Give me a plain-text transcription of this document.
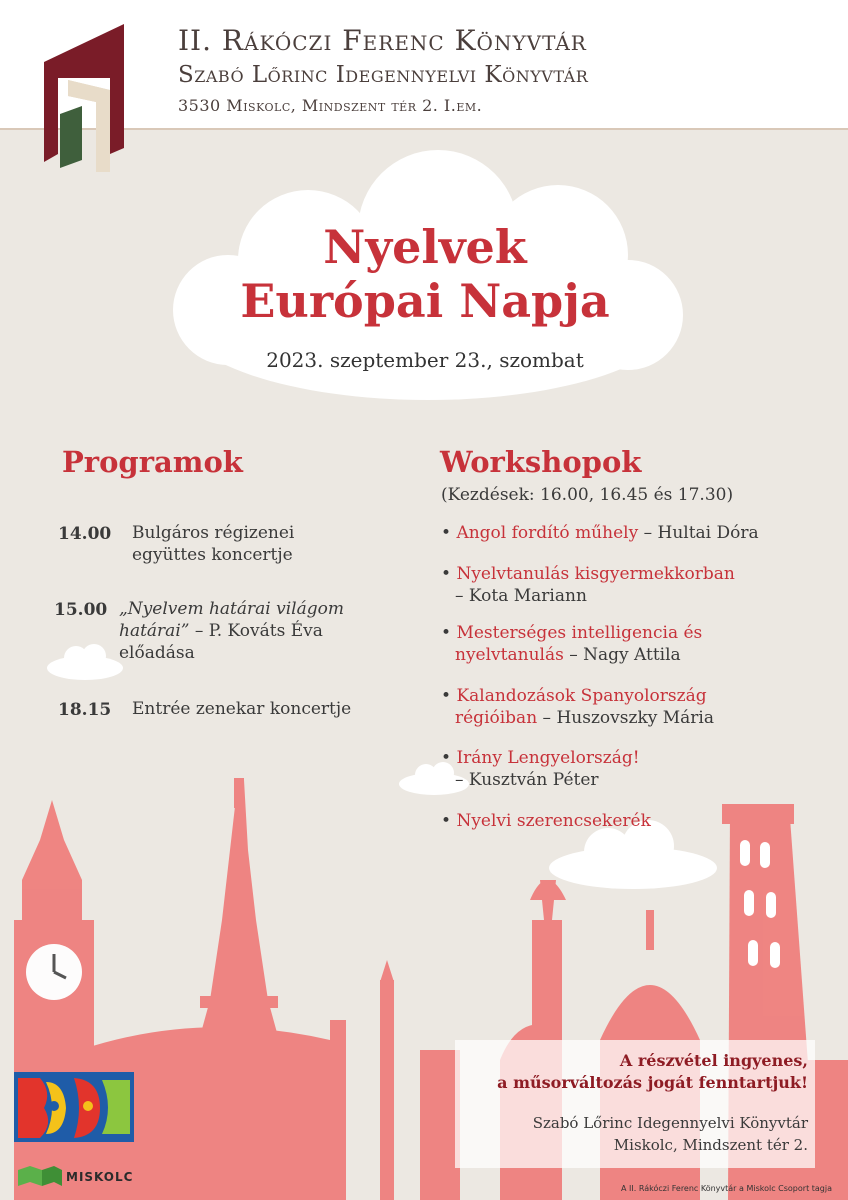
II. Rákóczi Ferenc Könyvtár
Szabó Lőrinc Idegennyelvi Könyvtár
3530 Miskolc, Mindszent tér 2. I.em.
Nyelvek
Európai Napja
2023. szeptember 23., szombat
Programok
14.00 Bulgáros régizenei
együttes koncertje
15.00 „Nyelvem határai világom
határai” – P. Kováts Éva
előadása
18.15 Entrée zenekar koncertje
Workshopok
(Kezdések: 16.00, 16.45 és 17.30)
• Angol fordító műhely – Hultai Dóra
• Nyelvtanulás kisgyermekkorban
– Kota Mariann
• Mesterséges intelligencia és
nyelvtanulás – Nagy Attila
• Kalandozások Spanyolország
régióiban – Huszovszky Mária
• Irány Lengyelország!
– Kusztván Péter
• Nyelvi szerencsekerék
A részvétel ingyenes,
a műsorváltozás jogát fenntartjuk!
Szabó Lőrinc Idegennyelvi Könyvtár
Miskolc, Mindszent tér 2.
MISKOLC
A II. Rákóczi Ferenc Könyvtár a Miskolc Csoport tagja
